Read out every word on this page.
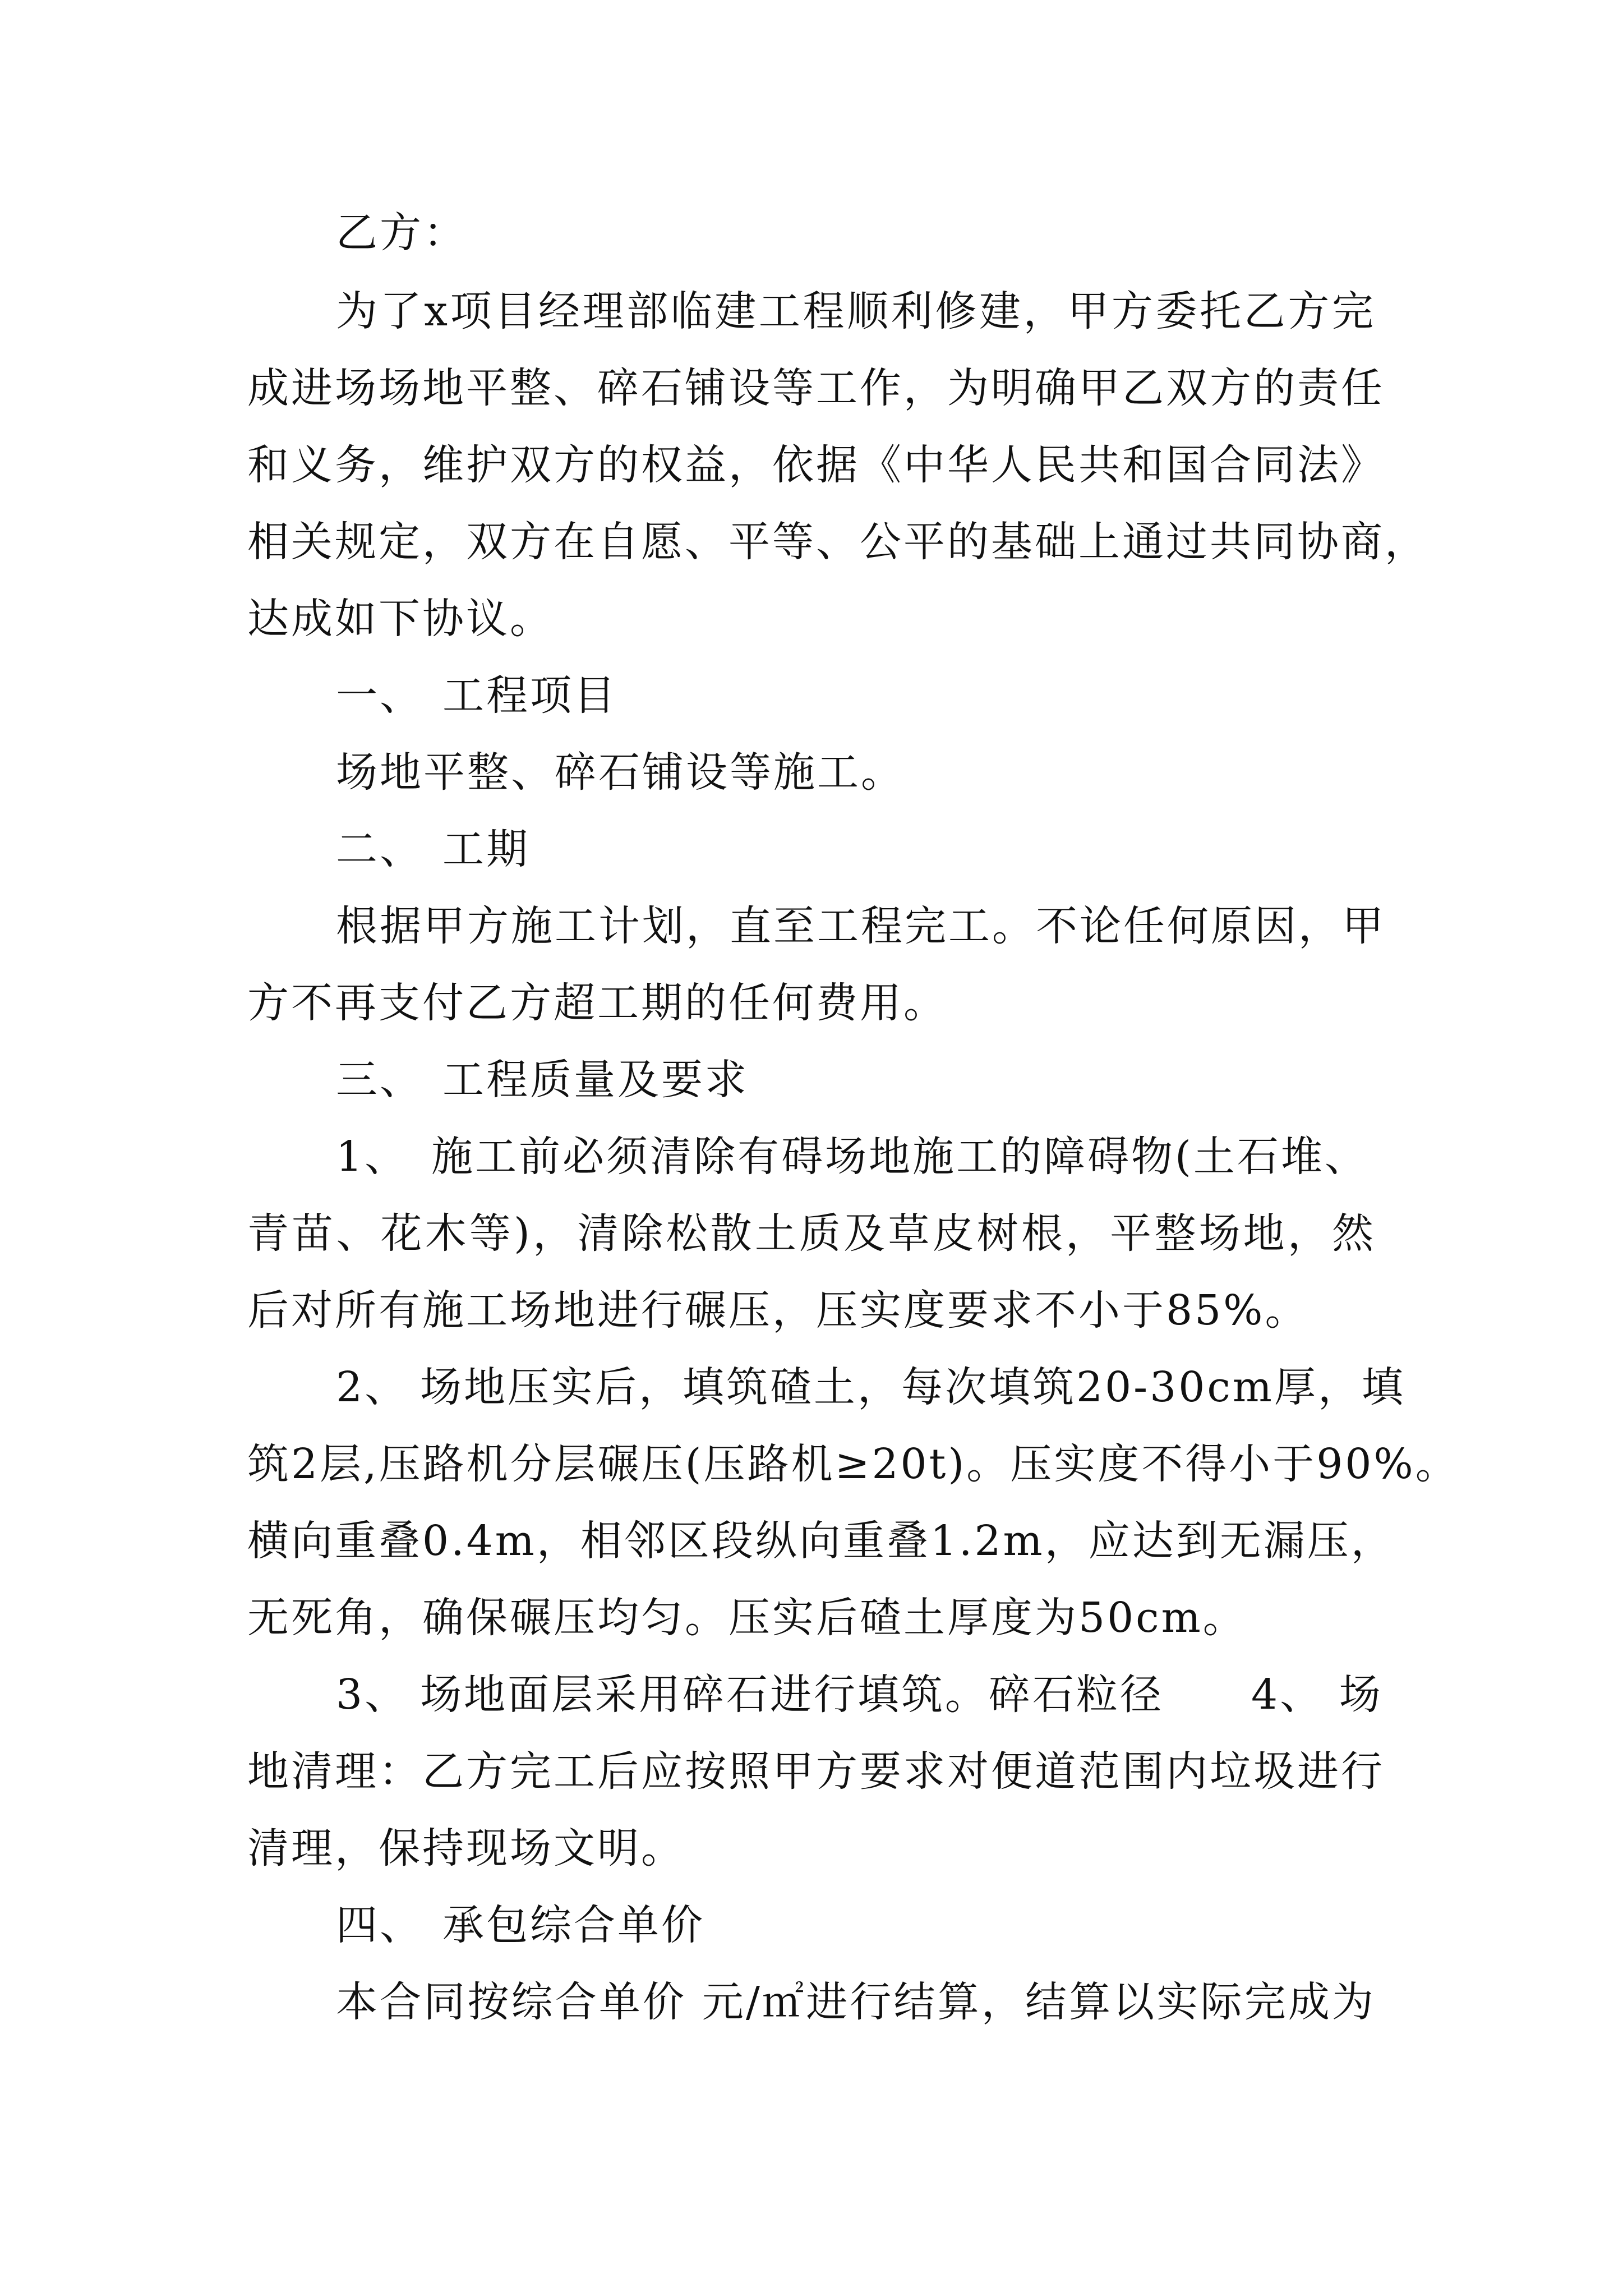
乙方：
为了x项目经理部临建工程顺利修建，甲方委托乙方完
成进场场地平整、碎石铺设等工作，为明确甲乙双方的责任
和义务，维护双方的权益，依据《中华人民共和国合同法》
相关规定，双方在自愿、平等、公平的基础上通过共同协商，
达成如下协议。
一、 工程项目
场地平整、碎石铺设等施工。
二、 工期
根据甲方施工计划，直至工程完工。不论任何原因，甲
方不再支付乙方超工期的任何费用。
三、 工程质量及要求
1、 施工前必须清除有碍场地施工的障碍物(土石堆、
青苗、花木等)，清除松散土质及草皮树根，平整场地，然
后对所有施工场地进行碾压，压实度要求不小于85%。
2、 场地压实后，填筑碴土，每次填筑20-30cm厚，填
筑2层,压路机分层碾压(压路机≥20t)。压实度不得小于90%。
横向重叠0.4m，相邻区段纵向重叠1.2m，应达到无漏压，
无死角，确保碾压均匀。压实后碴土厚度为50cm。
3、 场地面层采用碎石进行填筑。碎石粒径　　4、 场
地清理：乙方完工后应按照甲方要求对便道范围内垃圾进行
清理，保持现场文明。
四、 承包综合单价
本合同按综合单价 元/㎡进行结算，结算以实际完成为
